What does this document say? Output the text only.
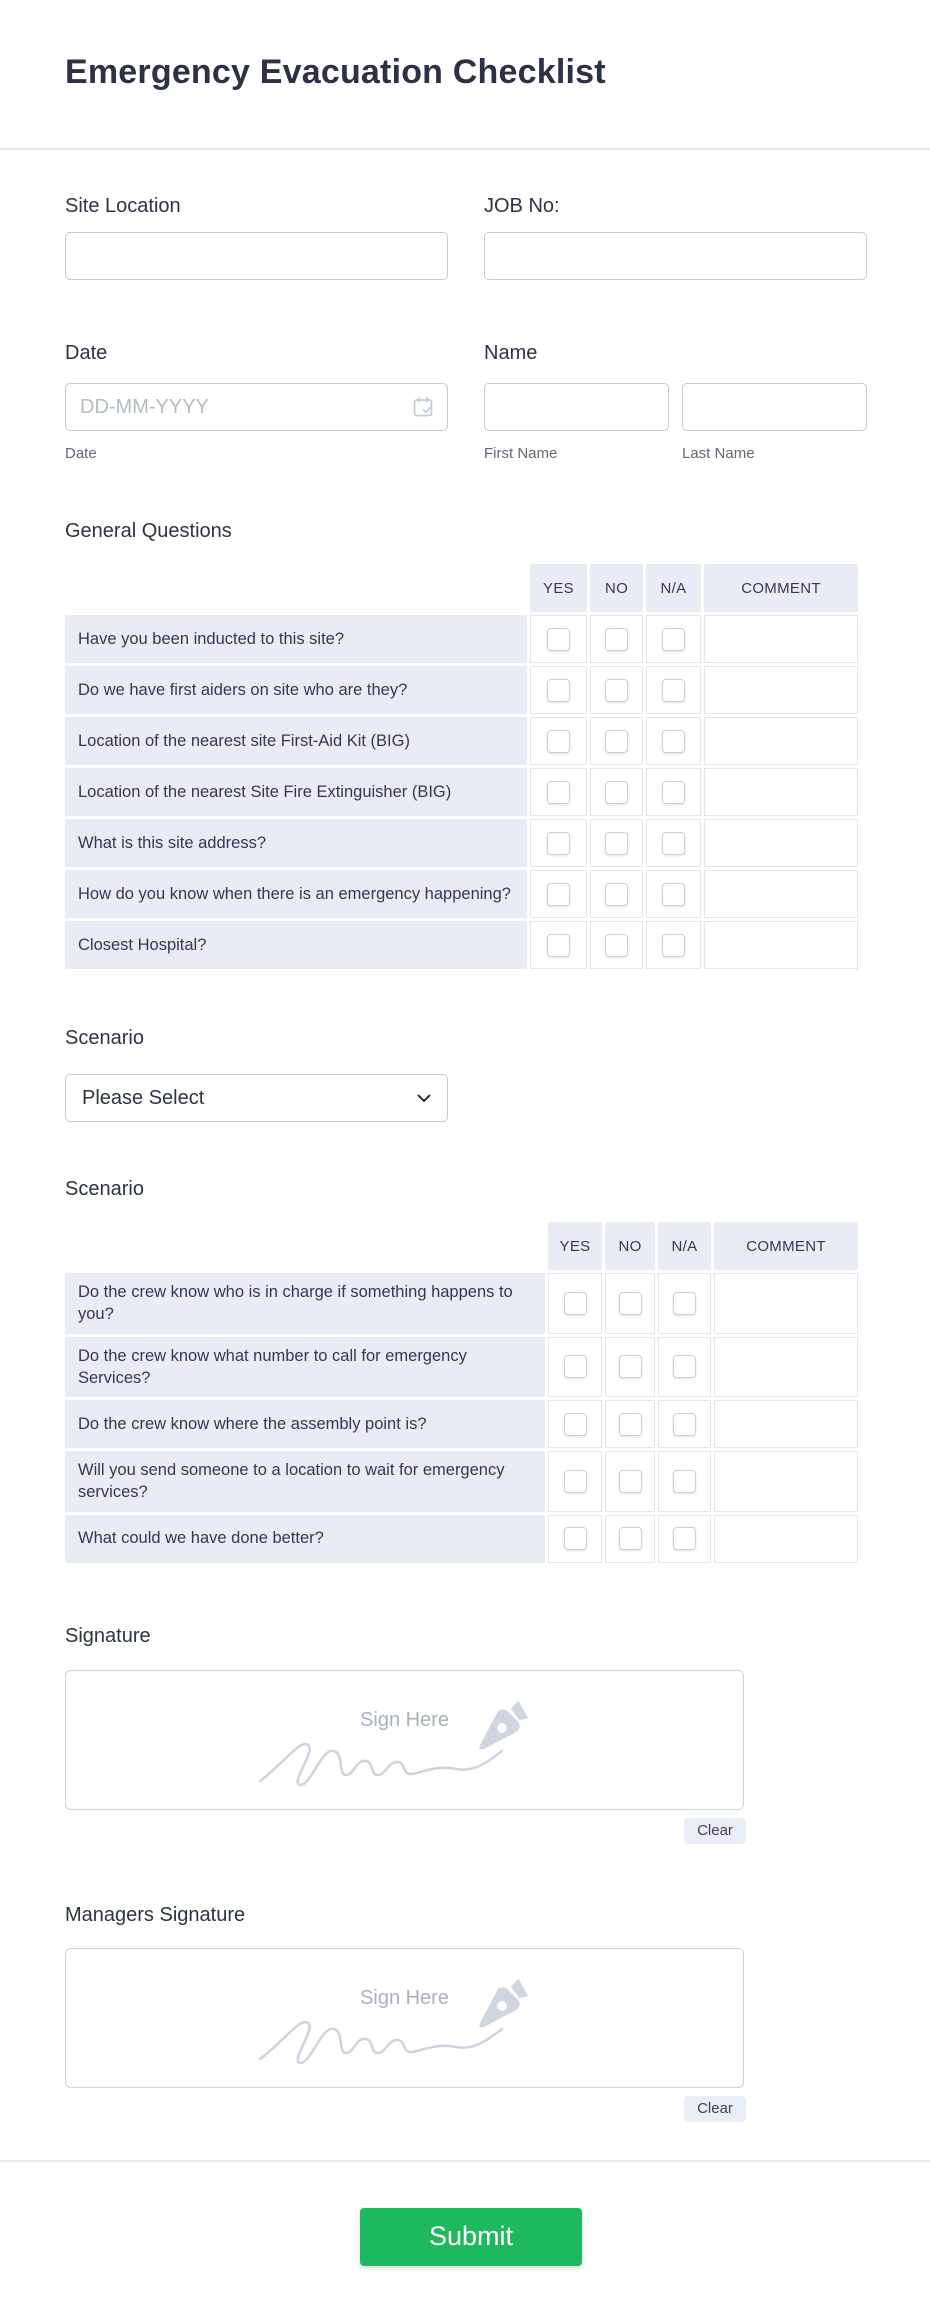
Emergency Evacuation Checklist
Site Location	JOB No:
Date
DD-MM-YYYY
Date
Name
First Name	Last Name
General Questions
	YES	NO	N/A	COMMENT
Have you been inducted to this site?				
Do we have first aiders on site who are they?				
Location of the nearest site First-Aid Kit (BIG)				
Location of the nearest Site Fire Extinguisher (BIG)				
What is this site address?				
How do you know when there is an emergency happening?				
Closest Hospital?				
Scenario
Please Select
Scenario
	YES	NO	N/A	COMMENT
Do the crew know who is in charge if something happens to you?				
Do the crew know what number to call for emergency Services?				
Do the crew know where the assembly point is?				
Will you send someone to a location to wait for emergency services?				
What could we have done better?				
Signature
Sign Here
Clear
Managers Signature
Sign Here
Clear
Submit
